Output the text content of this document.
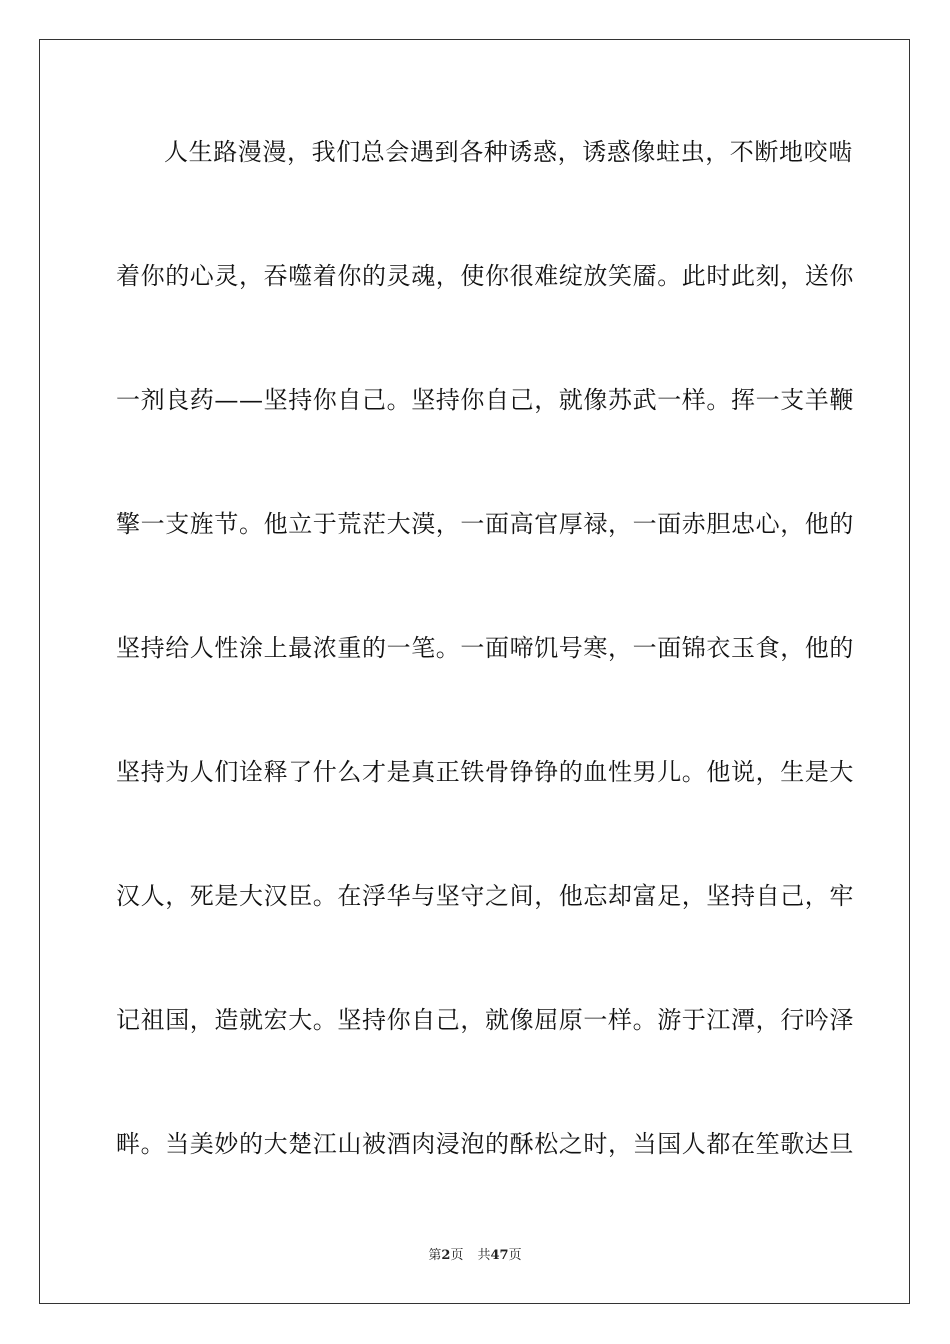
人生路漫漫，我们总会遇到各种诱惑，诱惑像蛀虫，不断地咬啮
着你的心灵，吞噬着你的灵魂，使你很难绽放笑靥。此时此刻，送你
一剂良药——坚持你自己。坚持你自己，就像苏武一样。挥一支羊鞭
擎一支旌节。他立于荒茫大漠，一面高官厚禄，一面赤胆忠心，他的
坚持给人性涂上最浓重的一笔。一面啼饥号寒，一面锦衣玉食，他的
坚持为人们诠释了什么才是真正铁骨铮铮的血性男儿。他说，生是大
汉人，死是大汉臣。在浮华与坚守之间，他忘却富足，坚持自己，牢
记祖国，造就宏大。坚持你自己，就像屈原一样。游于江潭，行吟泽
畔。当美妙的大楚江山被酒肉浸泡的酥松之时，当国人都在笙歌达旦
第2页 共47页
